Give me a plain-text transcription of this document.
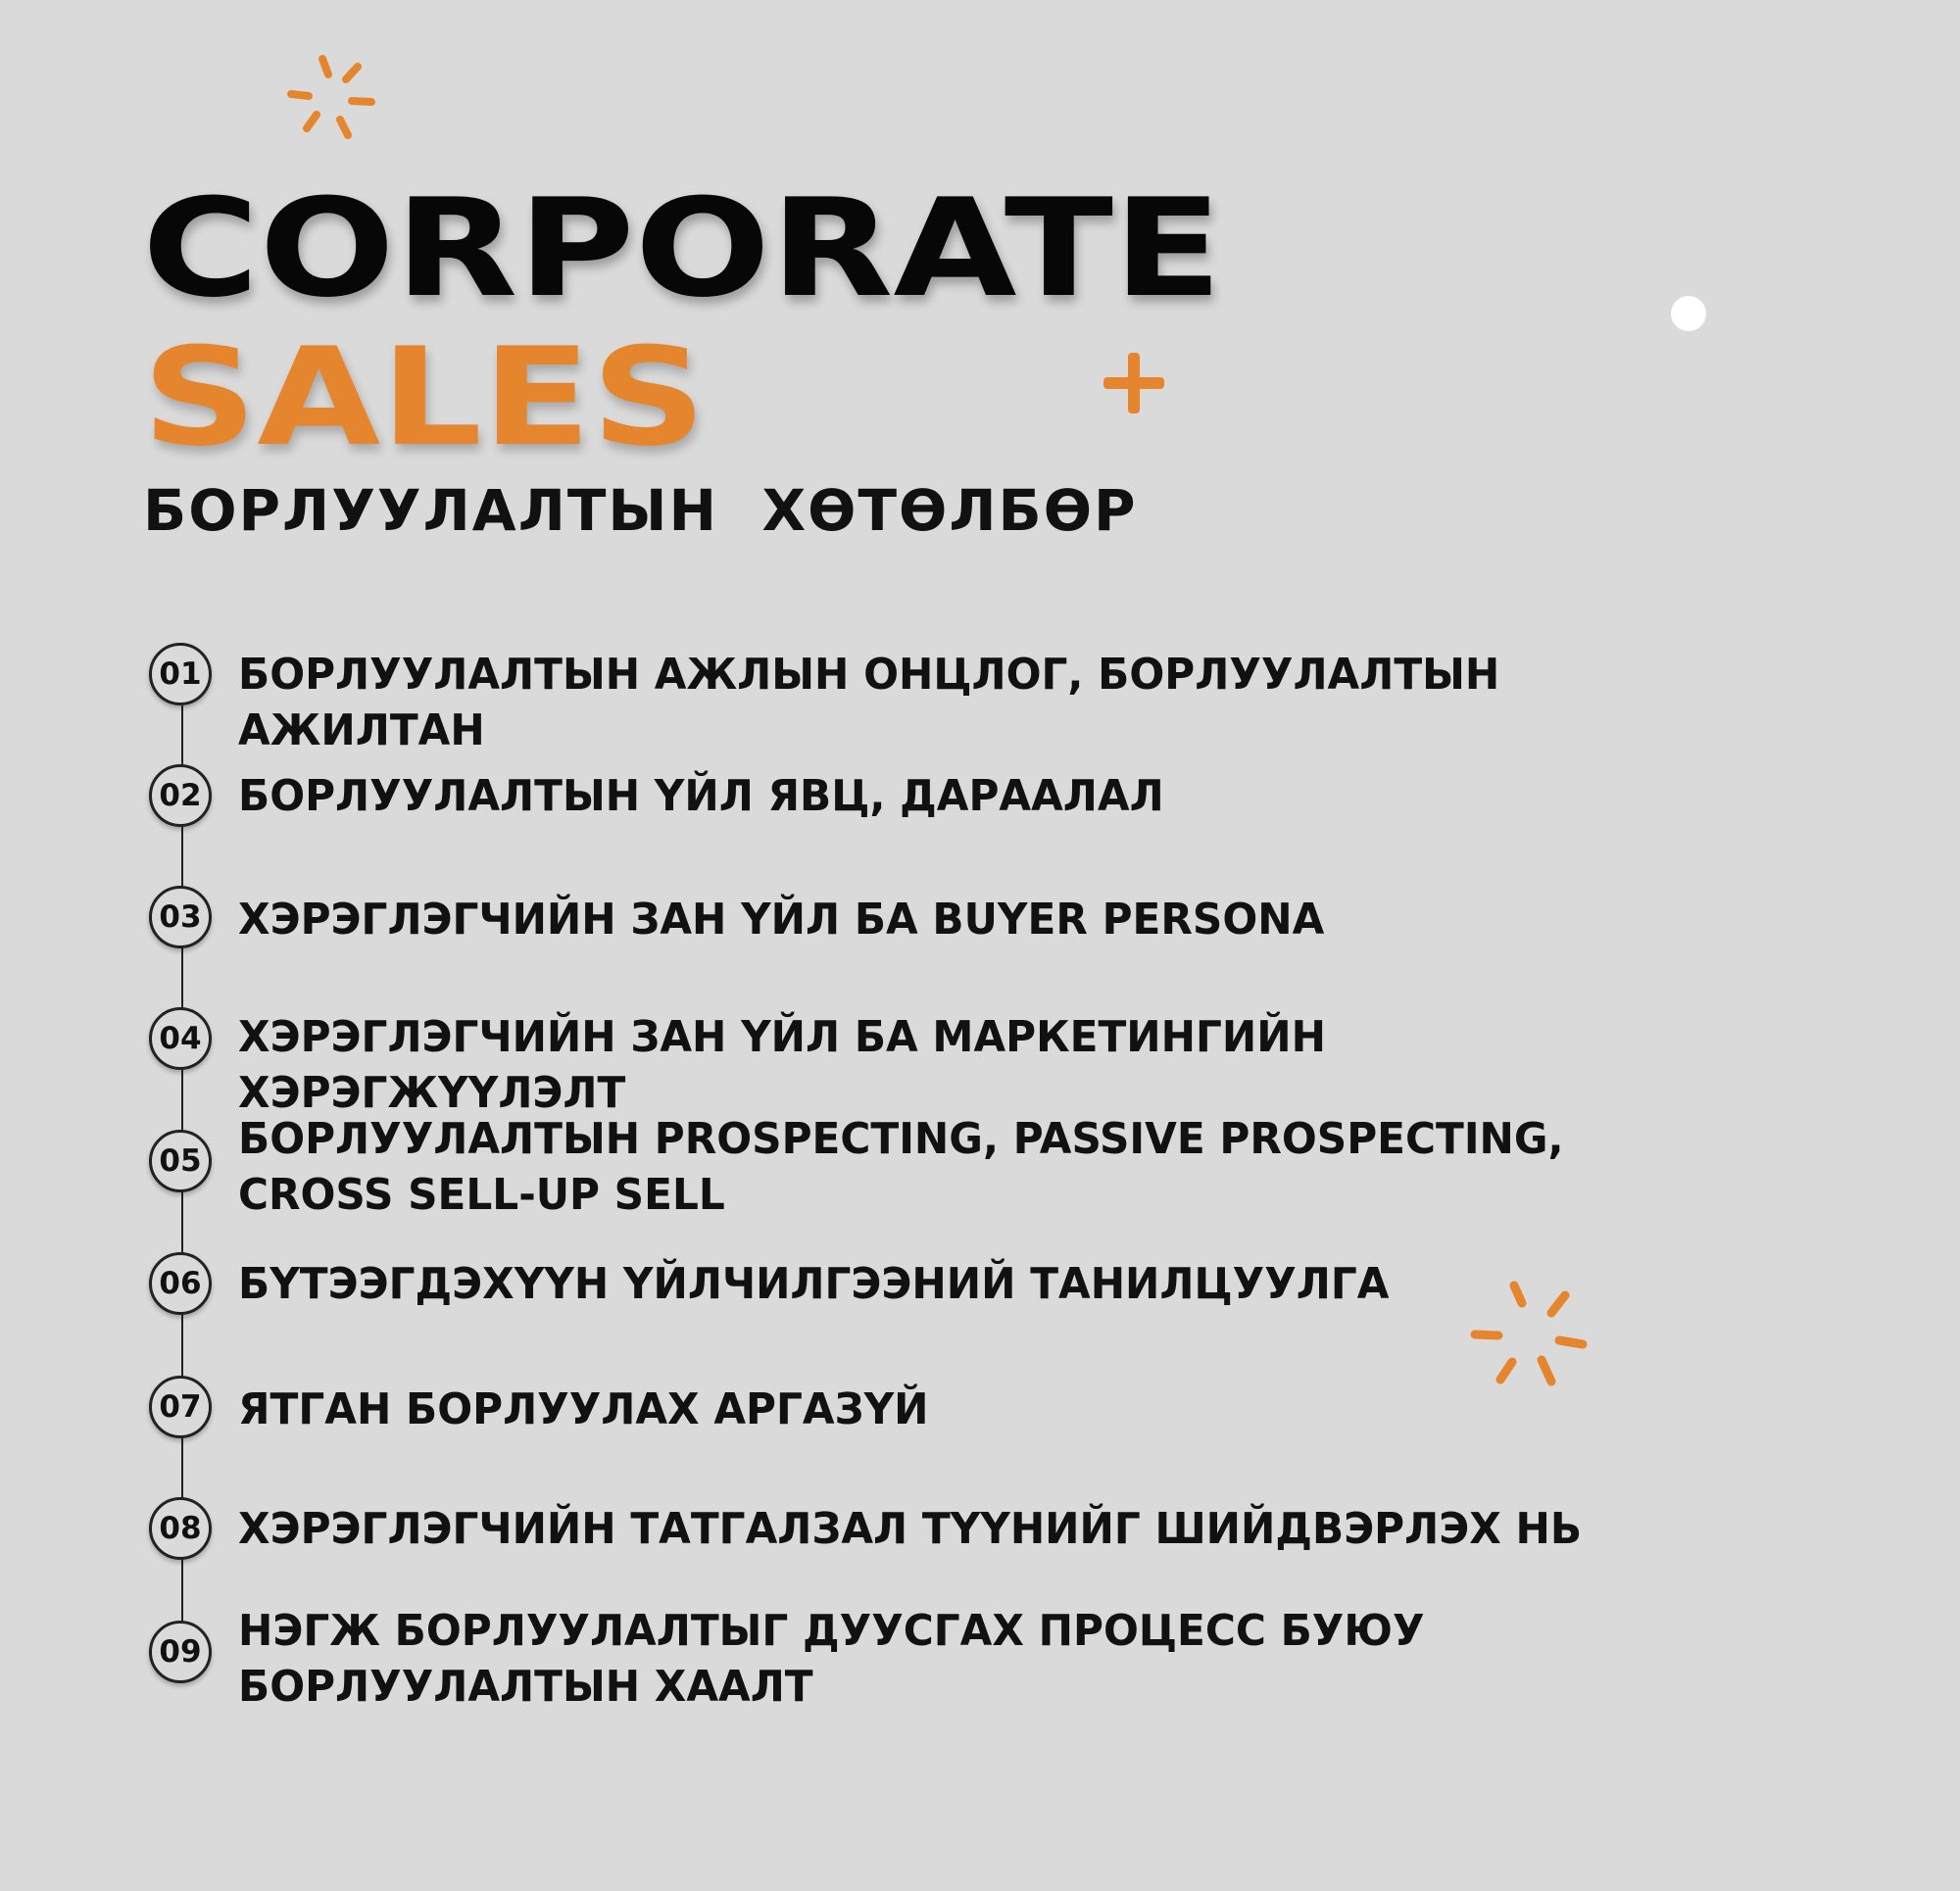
CORPORATE
SALES
БОРЛУУЛАЛТЫН  ХӨТӨЛБӨР
01 БОРЛУУЛАЛТЫН АЖЛЫН ОНЦЛОГ, БОРЛУУЛАЛТЫН АЖИЛТАН
02 БОРЛУУЛАЛТЫН ҮЙЛ ЯВЦ, ДАРААЛАЛ
03 ХЭРЭГЛЭГЧИЙН ЗАН ҮЙЛ БА BUYER PERSONA
04 ХЭРЭГЛЭГЧИЙН ЗАН ҮЙЛ БА МАРКЕТИНГИЙН ХЭРЭГЖҮҮЛЭЛТ
05 БОРЛУУЛАЛТЫН PROSPECTING, PASSIVE PROSPECTING,
CROSS SELL-UP SELL
06 БҮТЭЭГДЭХҮҮН ҮЙЛЧИЛГЭЭНИЙ ТАНИЛЦУУЛГА
07 ЯТГАН БОРЛУУЛАХ АРГАЗҮЙ
08 ХЭРЭГЛЭГЧИЙН ТАТГАЛЗАЛ ТҮҮНИЙГ ШИЙДВЭРЛЭХ НЬ
09 НЭГЖ БОРЛУУЛАЛТЫГ ДУУСГАХ ПРОЦЕСС БУЮУ
БОРЛУУЛАЛТЫН ХААЛТ
